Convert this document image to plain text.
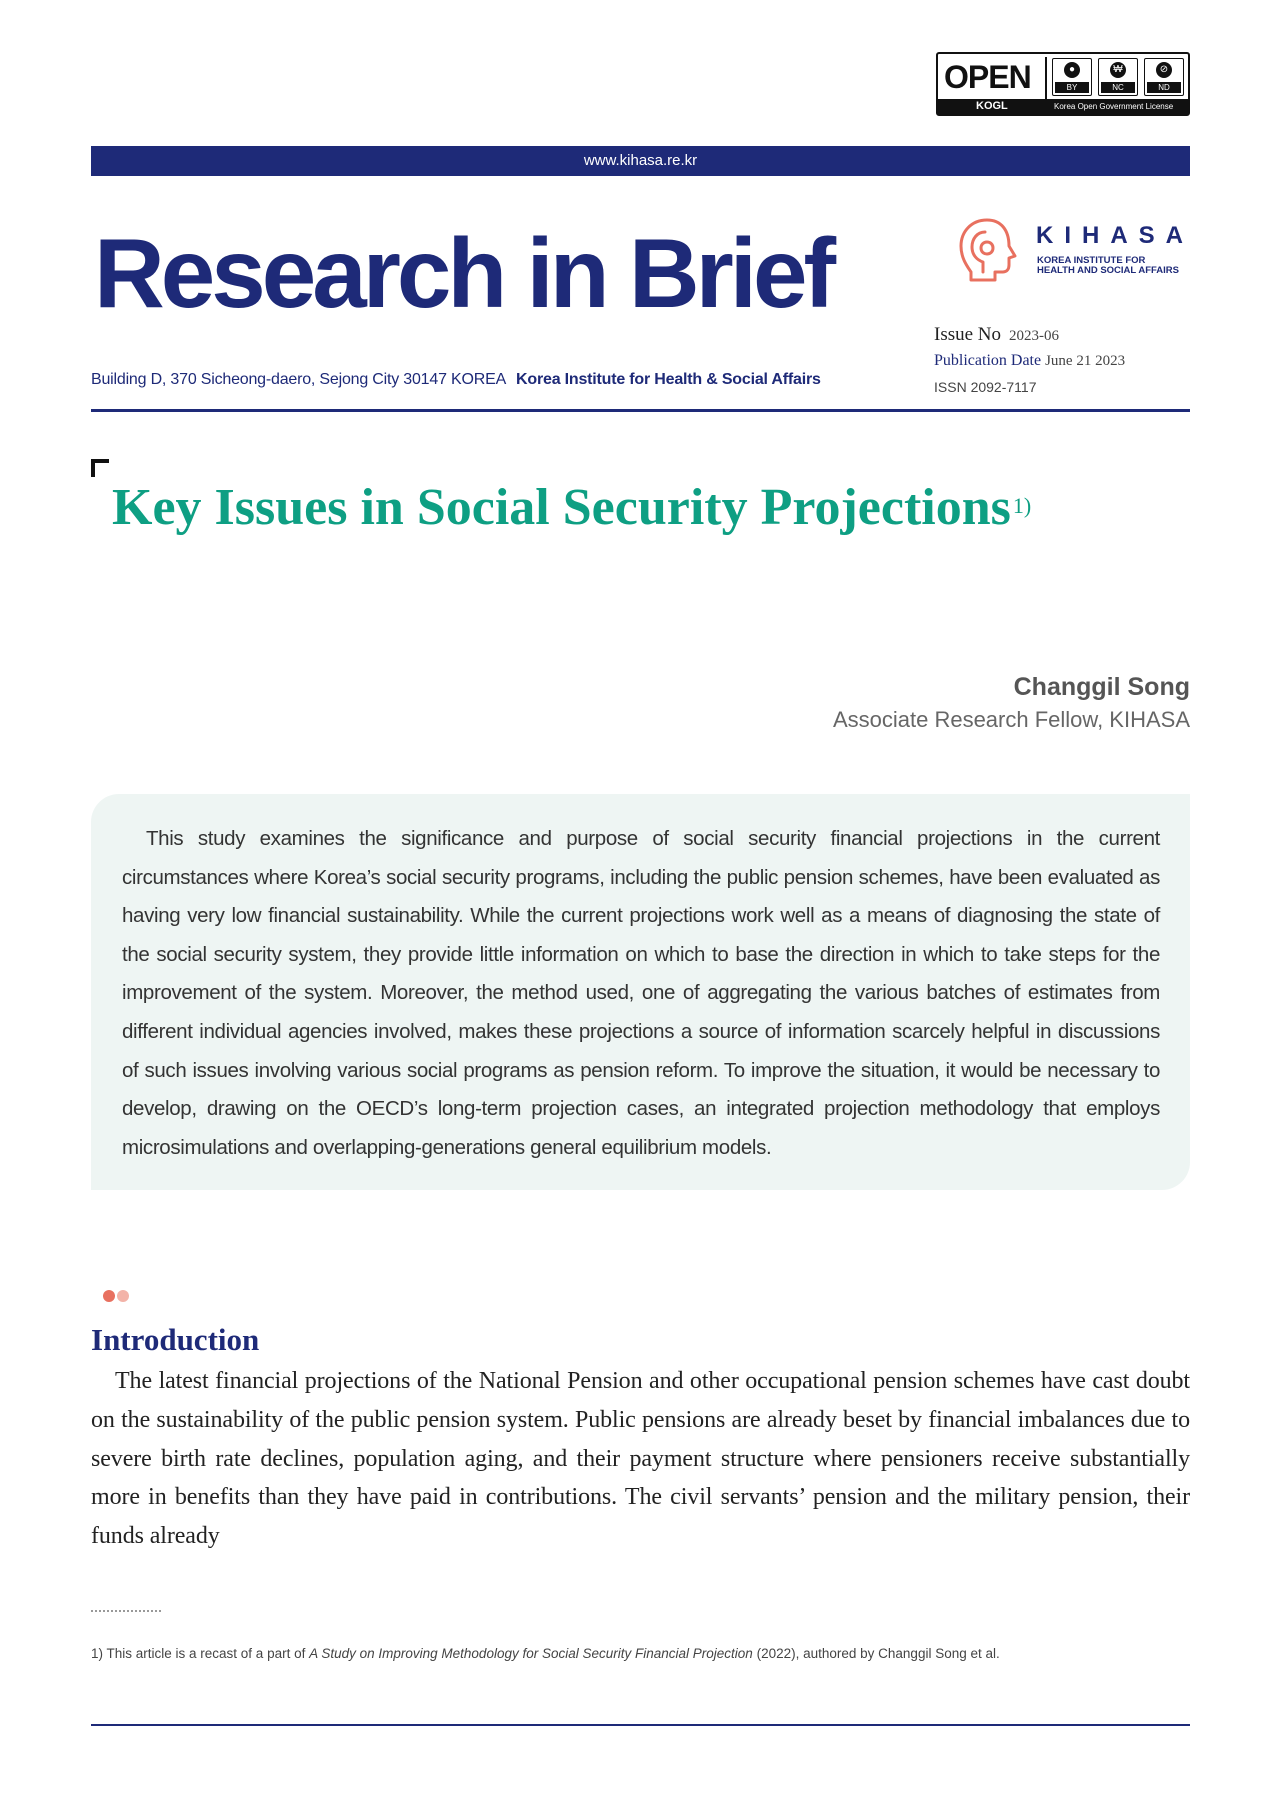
OPEN	●
BY
₩
NC
⊘
ND
KOGL	Korea Open Government License
www.kihasa.re.kr
Research in Brief	KIHASA
KOREA INSTITUTE FOR
HEALTH AND SOCIAL AFFAIRS
Issue No 2023-06
Publication Date June 21 2023
ISSN 2092-7117
Building D, 370 Sicheong-daero, Sejong City 30147 KOREA Korea Institute for Health & Social Affairs
Key Issues in Social Security Projections$^{1)}$
Changgil Song
Associate Research Fellow, KIHASA

This study examines the significance and purpose of social security financial projections in the current circumstances where Korea’s social security programs, including the public pension schemes, have been evaluated as having very low financial sustainability. While the current projections work well as a means of diagnosing the state of the social security system, they provide little information on which to base the direction in which to take steps for the improvement of the system. Moreover, the method used, one of aggregating the various batches of estimates from different individual agencies involved, makes these projections a source of information scarcely helpful in discussions of such issues involving various social programs as pension reform. To improve the situation, it would be necessary to develop, drawing on the OECD’s long-term projection cases, an integrated projection methodology that employs microsimulations and overlapping-generations general equilibrium models.

Introduction

The latest financial projections of the National Pension and other occupational pension schemes have cast doubt on the sustainability of the public pension system. Public pensions are already beset by financial imbalances due to severe birth rate declines, population aging, and their payment structure where pensioners receive substantially more in benefits than they have paid in contributions. The civil servants’ pension and the military pension, their funds already

1) This article is a recast of a part of A Study on Improving Methodology for Social Security Financial Projection (2022), authored by Changgil Song et al.
